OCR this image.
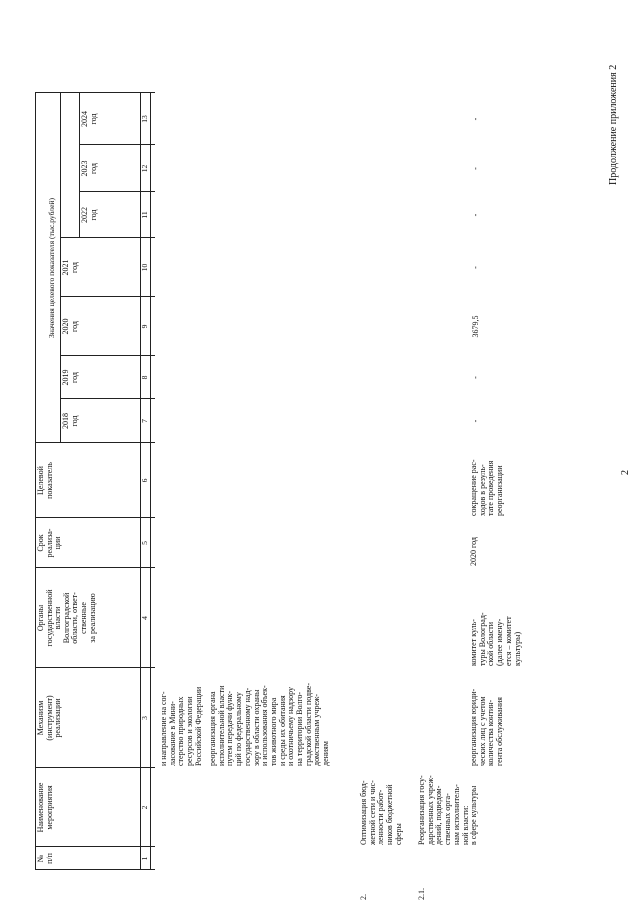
2
Продолжение приложения 2
№
п/п
Наименование
мероприятия
Механизм
(инструмент)
реализации
Органы
государственной
власти
Волгоградской
области, ответ-
ственные
за реализацию
Срок
реализа-
ции
Целевой
показатель
Значения целевого показателя (тыс.рублей)
2018
год
2019
год
2020
год
2021
год
2022
год
2023
год
2024
год
1
2
3
4
5
6
7
8
9
10
11
12
13
и направление на сог-
ласование в Мини-
стерство природных
ресурсов и экологии
Российской Федерации
реорганизация органа
исполнительной власти
путем передачи функ-
ций по федеральному
государственному над-
зору в области охраны
и использования объек-
тов животного мира
и среды их обитания
и охотничьему надзору
на территории Волго-
градской области подве-
домственным учреж-
дениям
2.
Оптимизация бюд-
жетной сети и чис-
ленности работ-
ников бюджетной
сферы
2.1.
Реорганизация госу-
дарственных учреж-
дений, подведом-
ственных орга-
нам исполнитель-
ной власти: в сфере культуры
реорганизация юриди-
ческих лиц с учетом
количества контин-
гента обслуживания
комитет куль-
туры Волоград-
ской области
(далее имену-
ется – комитет
культуры)
2020 год
сокращение рас-
ходов в резуль-
тате проведения
реорганизации
-
-
3679,5
-
-
-
-
